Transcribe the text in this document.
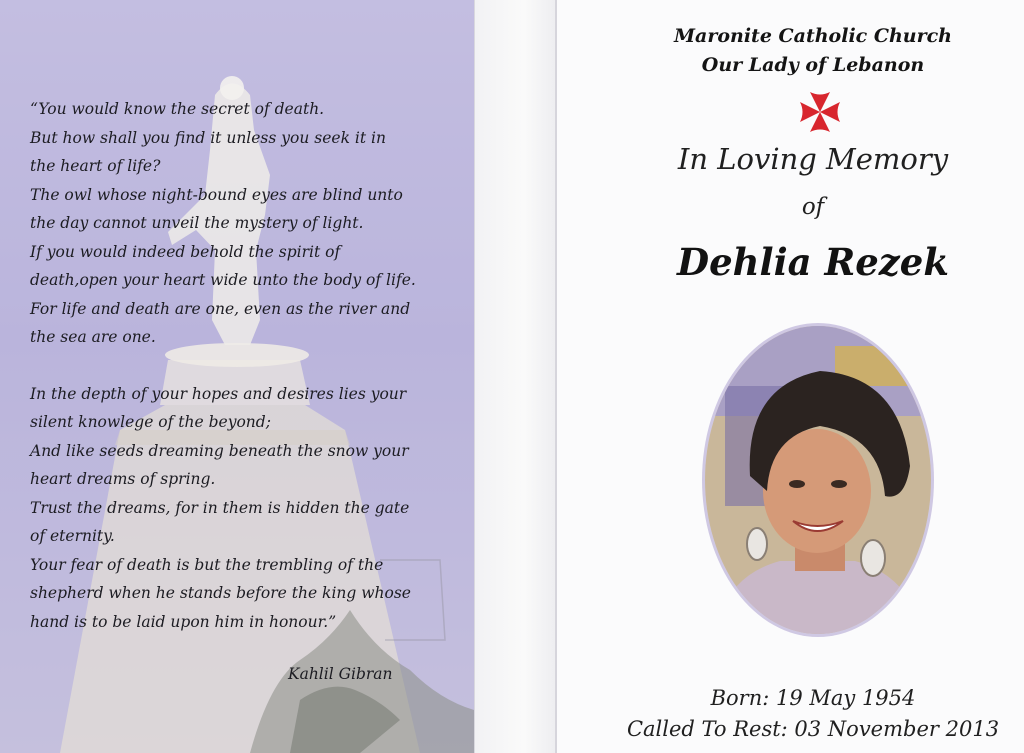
“You would know the secret of death.
But how shall you find it unless you seek it in
the heart of life?
The owl whose night-bound eyes are blind unto
the day cannot unveil the mystery of light.
If you would indeed behold the spirit of
death,open your heart wide unto the body of life.
For life and death are one, even as the river and
the sea are one.
In the depth of your hopes and desires lies your
silent knowlege of the beyond;
And like seeds dreaming beneath the snow your
heart dreams of spring.
Trust the dreams, for in them is hidden the gate
of eternity.
Your fear of death is but the trembling of the
shepherd when he stands before the king whose
hand is to be laid upon him in honour.”
Kahlil Gibran
Maronite Catholic Church
Our Lady of Lebanon
In Loving Memory
of
Dehlia Rezek
Born: 19 May 1954
Called To Rest: 03 November 2013
